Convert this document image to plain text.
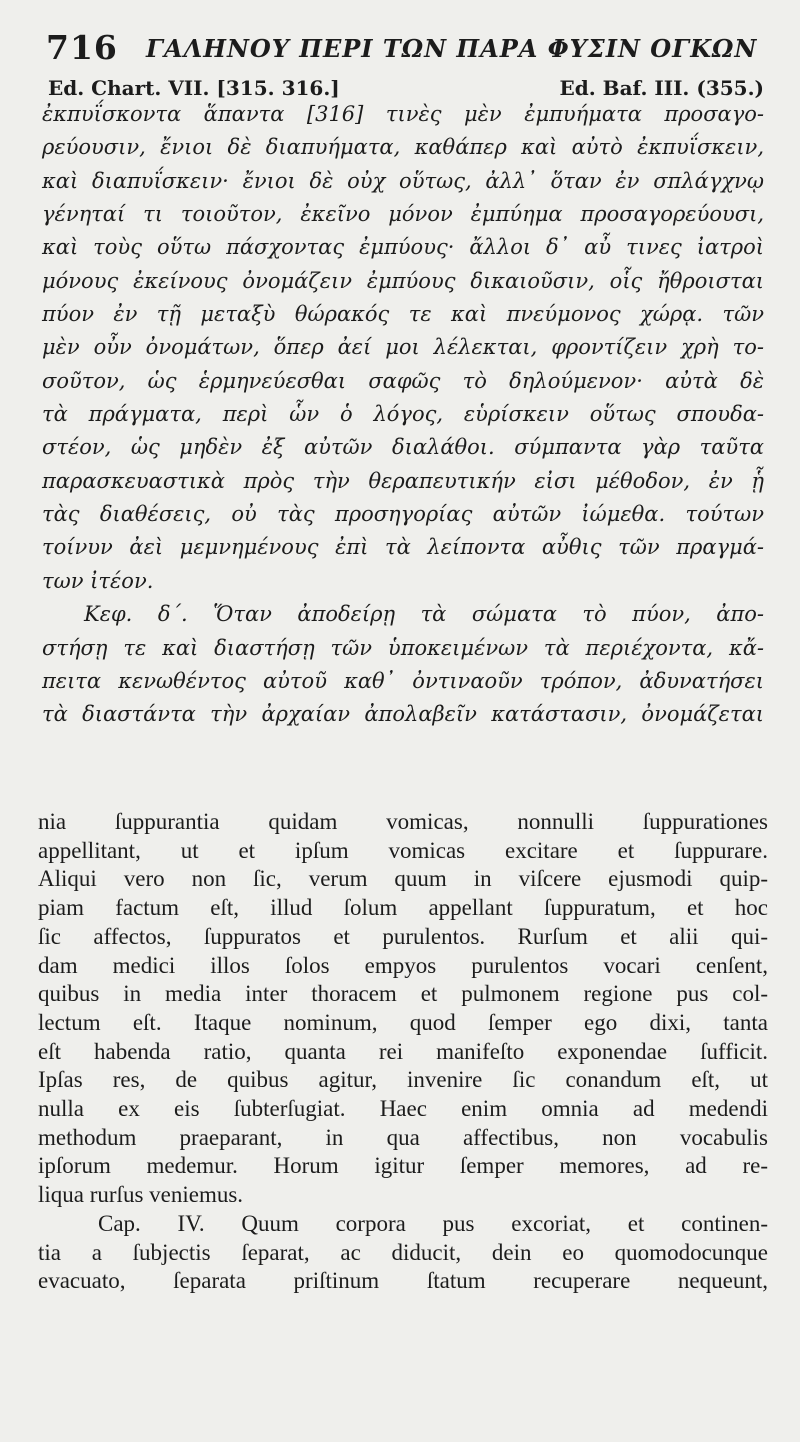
716 ΓΑΛΗΝΟΥ ΠΕΡΙ ΤΩΝ ΠΑΡΑ ΦΥΣΙΝ ΟΓΚΩΝ
Ed. Chart. VII. [315. 316.]	Ed. Baf. III. (355.)
ἐκπυΐσκοντα ἅπαντα [316] τινὲς μὲν ἐμπυήματα προσαγο-
ρεύουσιν, ἔνιοι δὲ διαπυήματα, καθάπερ καὶ αὐτὸ ἐκπυΐσκειν,
καὶ διαπυΐσκειν· ἔνιοι δὲ οὐχ οὕτως, ἀλλ᾿ ὅταν ἐν σπλάγχνῳ
γένηταί τι τοιοῦτον, ἐκεῖνο μόνον ἐμπύημα προσαγορεύουσι,
καὶ τοὺς οὕτω πάσχοντας ἐμπύους· ἄλλοι δ᾿ αὖ τινες ἰατροὶ
μόνους ἐκείνους ὀνομάζειν ἐμπύους δικαιοῦσιν, οἷς ἤθροισται
πύον ἐν τῇ μεταξὺ θώρακός τε καὶ πνεύμονος χώρᾳ. τῶν
μὲν οὖν ὀνομάτων, ὅπερ ἀεί μοι λέλεκται, φροντίζειν χρὴ το-
σοῦτον, ὡς ἑρμηνεύεσθαι σαφῶς τὸ δηλούμενον· αὐτὰ δὲ
τὰ πράγματα, περὶ ὧν ὁ λόγος, εὑρίσκειν οὕτως σπουδα-
στέον, ὡς μηδὲν ἐξ αὐτῶν διαλάθοι. σύμπαντα γὰρ ταῦτα
παρασκευαστικὰ πρὸς τὴν θεραπευτικήν εἰσι μέθοδον, ἐν ᾗ
τὰς διαθέσεις, οὐ τὰς προσηγορίας αὐτῶν ἰώμεθα. τούτων
τοίνυν ἀεὶ μεμνημένους ἐπὶ τὰ λείποντα αὖθις τῶν πραγμά-
των ἰτέον.
Κεφ. δ΄. Ὅταν ἀποδείρῃ τὰ σώματα τὸ πύον, ἀπο-
στήσῃ τε καὶ διαστήσῃ τῶν ὑποκειμένων τὰ περιέχοντα, κἄ-
πειτα κενωθέντος αὐτοῦ καθ᾿ ὀντιναοῦν τρόπον, ἀδυνατήσει
τὰ διαστάντα τὴν ἀρχαίαν ἀπολαβεῖν κατάστασιν, ὀνομάζεται
nia ſuppurantia quidam vomicas, nonnulli ſuppurationes
appellitant, ut et ipſum vomicas excitare et ſuppurare.
Aliqui vero non ſic, verum quum in viſcere ejusmodi quip-
piam factum eſt, illud ſolum appellant ſuppuratum, et hoc
ſic affectos, ſuppuratos et purulentos. Rurſum et alii qui-
dam medici illos ſolos empyos purulentos vocari cenſent,
quibus in media inter thoracem et pulmonem regione pus col-
lectum eſt. Itaque nominum, quod ſemper ego dixi, tanta
eſt habenda ratio, quanta rei manifeſto exponendae ſufficit.
Ipſas res, de quibus agitur, invenire ſic conandum eſt, ut
nulla ex eis ſubterſugiat. Haec enim omnia ad medendi
methodum praeparant, in qua affectibus, non vocabulis
ipſorum medemur. Horum igitur ſemper memores, ad re-
liqua rurſus veniemus.
Cap. IV. Quum corpora pus excoriat, et continen-
tia a ſubjectis ſeparat, ac diducit, dein eo quomodocunque
evacuato, ſeparata priſtinum ſtatum recuperare nequeunt,
